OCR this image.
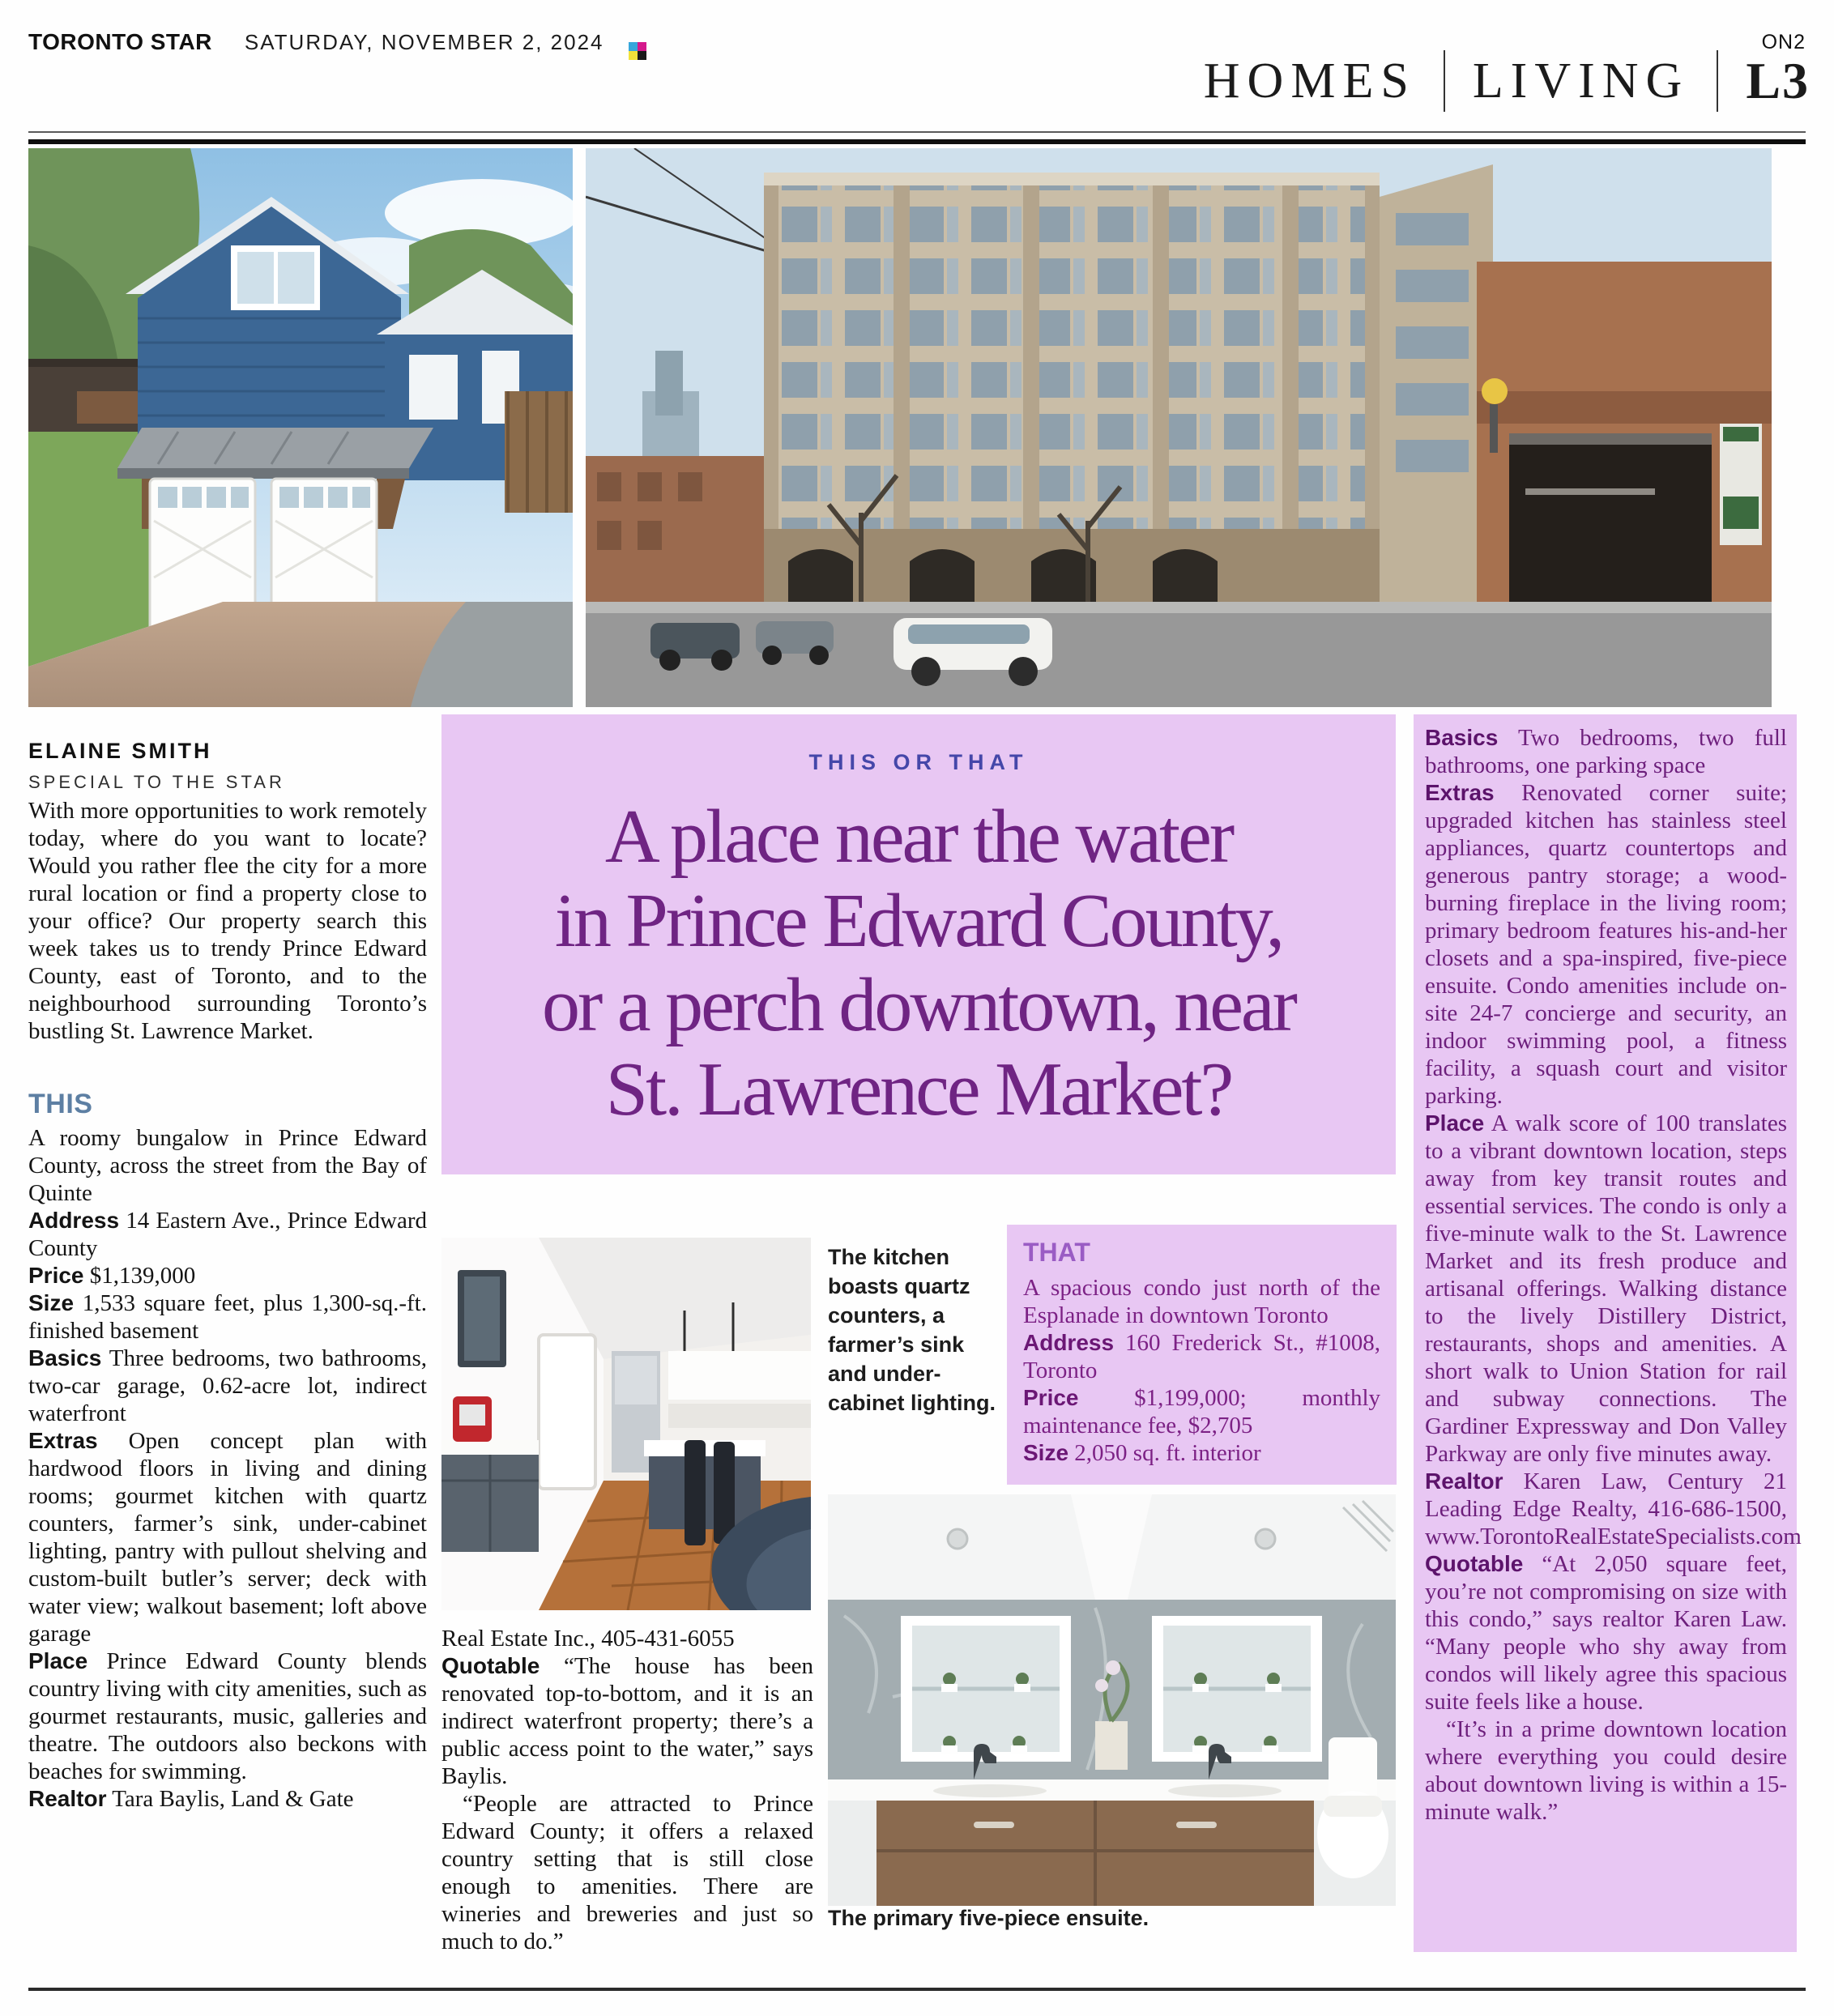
TORONTO STAR SATURDAY, NOVEMBER 2, 2024	ON2
HOMES LIVING L3
ELAINE SMITH
SPECIAL TO THE STAR

With more opportunities to work remotely today, where do you want to locate? Would you rather flee the city for a more rural location or find a property close to your office? Our property search this week takes us to trendy Prince Edward County, east of Toronto, and to the neighbourhood surrounding Toronto’s bustling St. Lawrence Market.

THIS

A roomy bungalow in Prince Edward County, across the street from the Bay of Quinte

Address 14 Eastern Ave., Prince Edward County

Price $1,139,000

Size 1,533 square feet, plus 1,300-sq.-ft. finished basement

Basics Three bedrooms, two bathrooms, two-car garage, 0.62-acre lot, indirect waterfront

Extras Open concept plan with hardwood floors in living and dining rooms; gourmet kitchen with quartz counters, farmer’s sink, under-cabinet lighting, pantry with pullout shelving and custom-built butler’s server; deck with water view; walkout basement; loft above garage

Place Prince Edward County blends country living with city amenities, such as gourmet restaurants, music, galleries and theatre. The outdoors also beckons with beaches for swimming.

Realtor Tara Baylis, Land & Gate

THIS OR THAT
A place near the water
in Prince Edward County,
or a perch downtown, near
St. Lawrence Market?
The kitchen boasts quartz counters, a farmer’s sink and under-cabinet lighting.
THAT

A spacious condo just north of the Esplanade in downtown Toronto

Address 160 Frederick St., #1008, Toronto

Price $1,199,000; monthly maintenance fee, $2,705

Size 2,050 sq. ft. interior

The primary five-piece ensuite.

Real Estate Inc., 405-431-6055

Quotable “The house has been renovated top-to-bottom, and it is an indirect waterfront property; there’s a public access point to the water,” says Baylis.

“People are attracted to Prince Edward County; it offers a relaxed country setting that is still close enough to amenities. There are wineries and breweries and just so much to do.”

Basics Two bedrooms, two full bathrooms, one parking space

Extras Renovated corner suite; upgraded kitchen has stainless steel appliances, quartz countertops and generous pantry storage; a wood-burning fireplace in the living room; primary bedroom features his-and-her closets and a spa-inspired, five-piece ensuite. Condo amenities include on-site 24-7 concierge and security, an indoor swimming pool, a fitness facility, a squash court and visitor parking.

Place A walk score of 100 translates to a vibrant downtown location, steps away from key transit routes and essential services. The condo is only a five-minute walk to the St. Lawrence Market and its fresh produce and artisanal offerings. Walking distance to the lively Distillery District, restaurants, shops and amenities. A short walk to Union Station for rail and subway connections. The Gardiner Expressway and Don Valley Parkway are only five minutes away.

Realtor Karen Law, Century 21 Leading Edge Realty, 416-686-1500, www.TorontoRealEstateSpecialists.com

Quotable “At 2,050 square feet, you’re not compromising on size with this condo,” says realtor Karen Law. “Many people who shy away from condos will likely agree this spacious suite feels like a house.

“It’s in a prime downtown location where everything you could desire about downtown living is within a 15-minute walk.”
